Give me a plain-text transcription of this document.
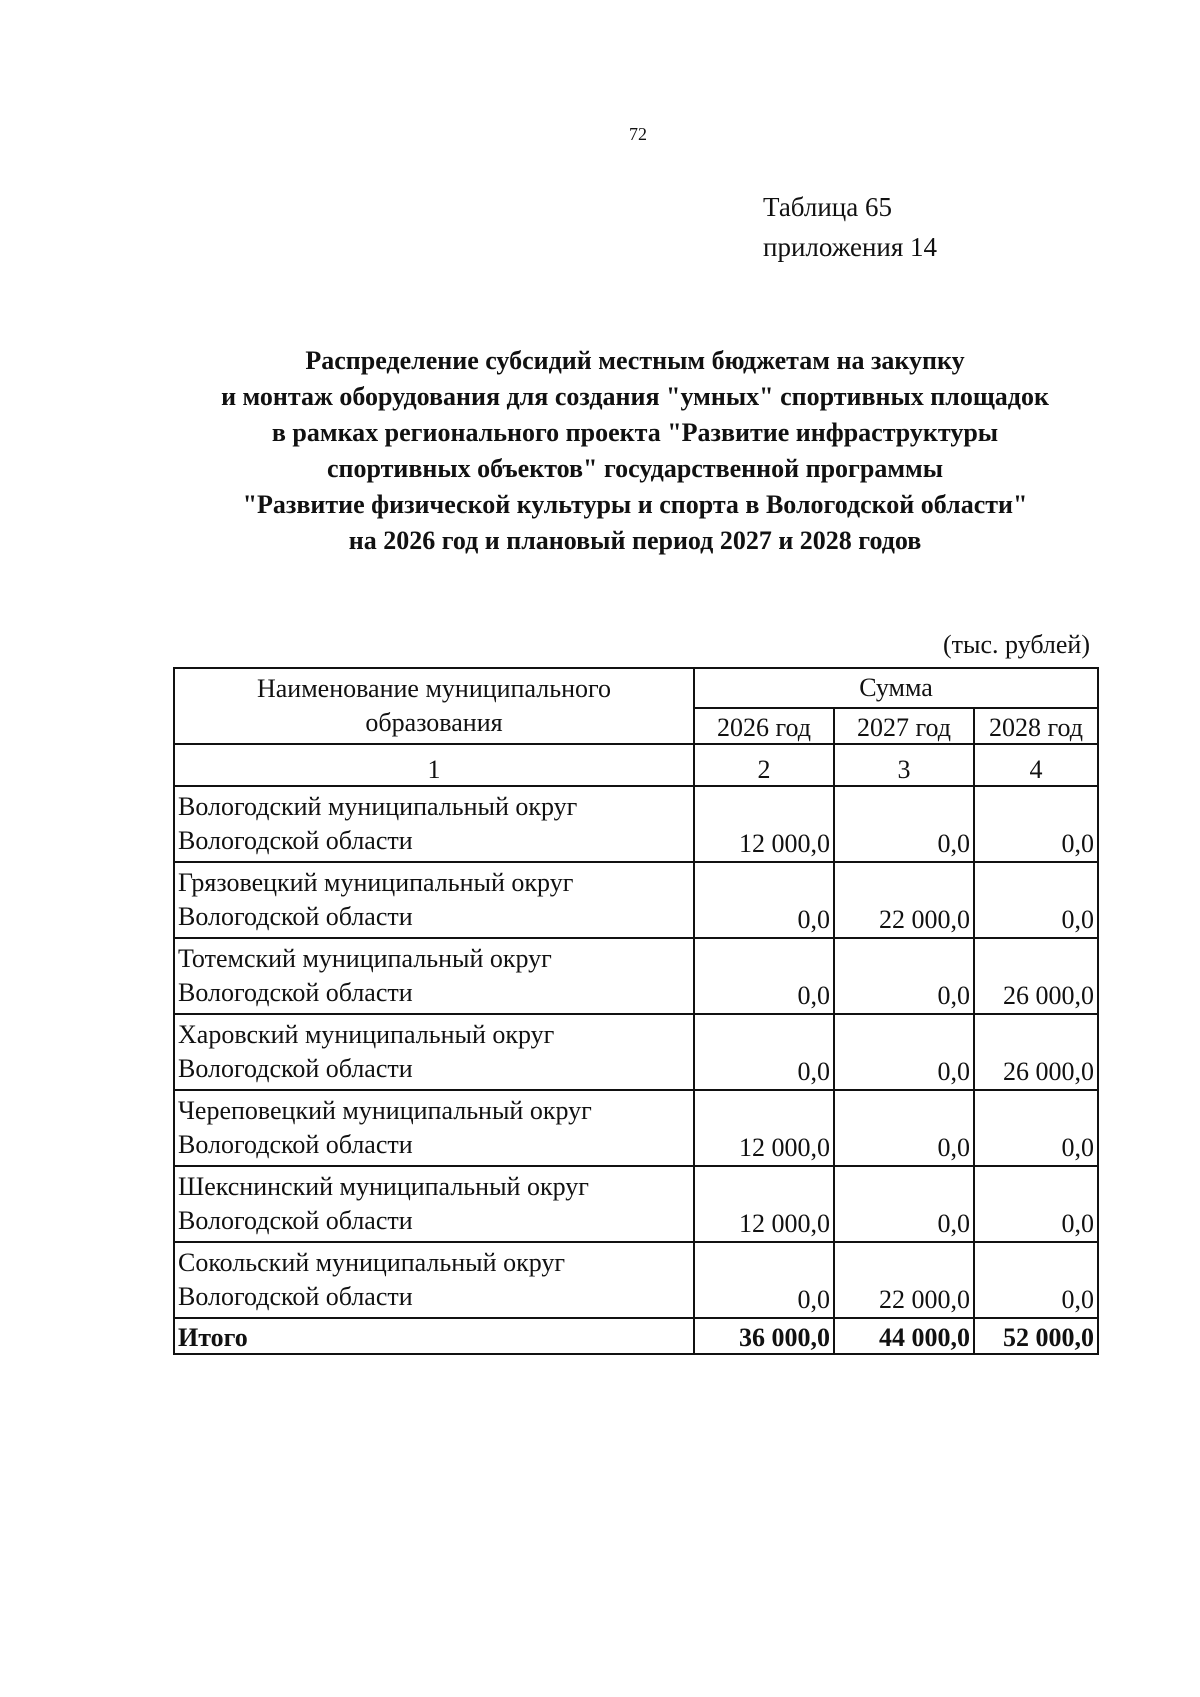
72
Таблица 65
приложения 14
Распределение субсидий местным бюджетам на закупку
и монтаж оборудования для создания "умных" спортивных площадок
в рамках регионального проекта "Развитие инфраструктуры
спортивных объектов" государственной программы
"Развитие физической культуры и спорта в Вологодской области"
на 2026 год и плановый период 2027 и 2028 годов
(тыс. рублей)
Наименование муниципального
образования	Сумма		
	2026 год	2027 год	2028 год
1	2	3	4

Вологодский муниципальный округ
Вологодской области	12 000,0	0,0	0,0

Грязовецкий муниципальный округ
Вологодской области	0,0	22 000,0	0,0

Тотемский муниципальный округ
Вологодской области	0,0	0,0	26 000,0

Харовский муниципальный округ
Вологодской области	0,0	0,0	26 000,0

Череповецкий муниципальный округ
Вологодской области	12 000,0	0,0	0,0

Шекснинский муниципальный округ
Вологодской области	12 000,0	0,0	0,0

Сокольский муниципальный округ
Вологодской области	0,0	22 000,0	0,0
Итого	36 000,0	44 000,0	52 000,0
